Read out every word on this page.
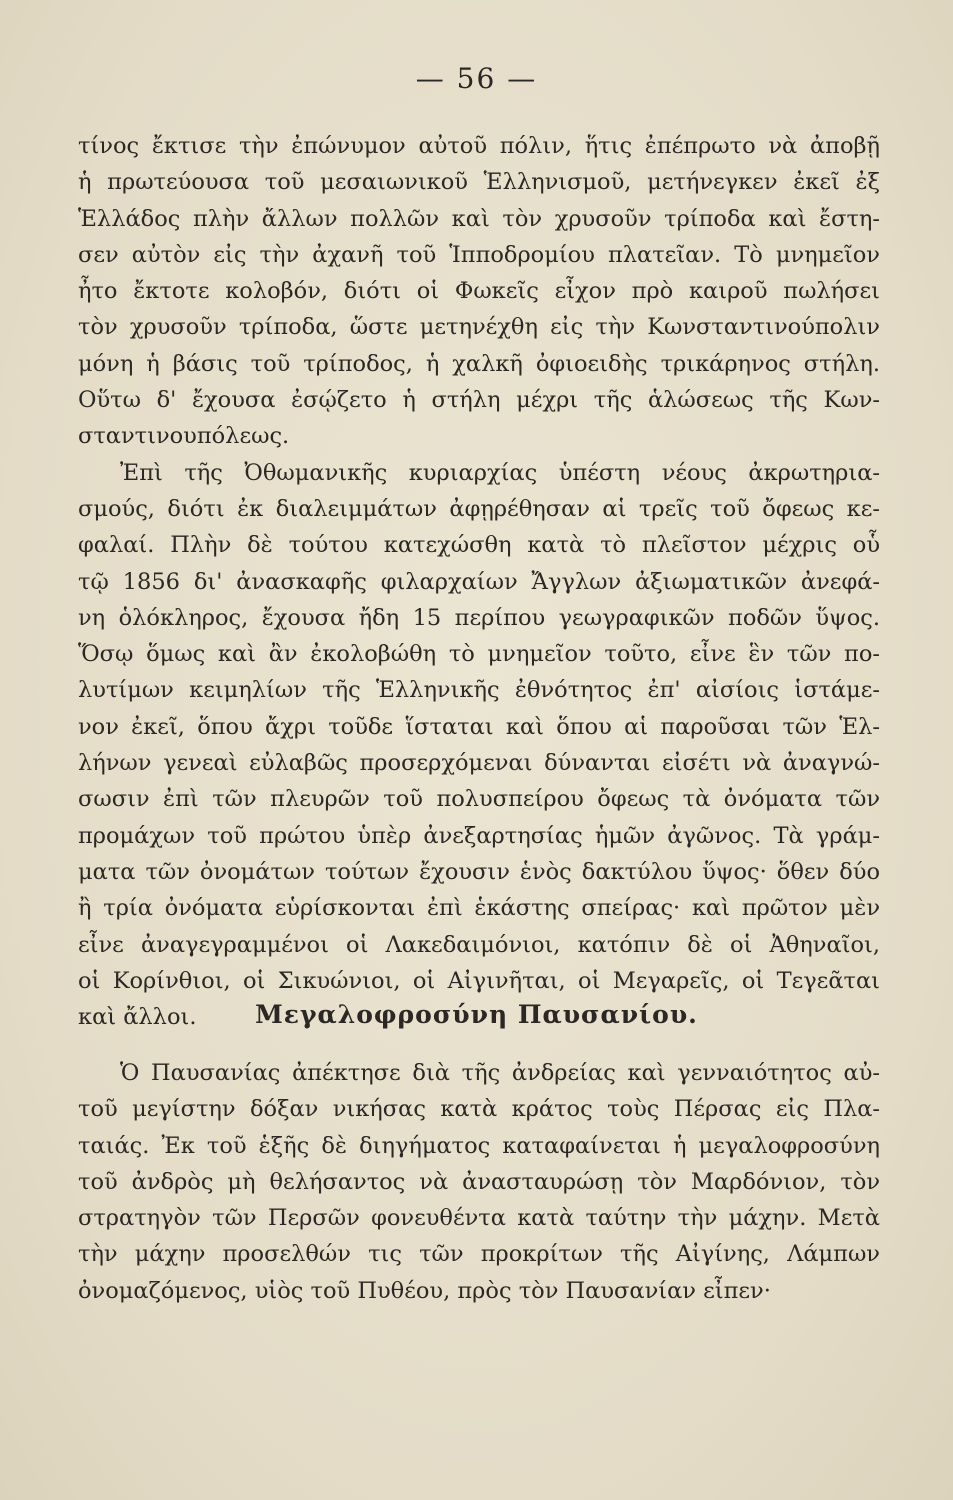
— 56 —
τίνος ἔκτισε τὴν ἐπώνυμον αὐτοῦ πόλιν, ἥτις ἐπέπρωτο νὰ ἀποβῇ
ἡ πρωτεύουσα τοῦ μεσαιωνικοῦ Ἑλληνισμοῦ, μετήνεγκεν ἐκεῖ ἐξ
Ἑλλάδος πλὴν ἄλλων πολλῶν καὶ τὸν χρυσοῦν τρίποδα καὶ ἔστη-
σεν αὐτὸν εἰς τὴν ἀχανῆ τοῦ Ἱπποδρομίου πλατεῖαν. Τὸ μνημεῖον
ἦτο ἔκτοτε κολοβόν, διότι οἱ Φωκεῖς εἶχον πρὸ καιροῦ πωλήσει
τὸν χρυσοῦν τρίποδα, ὥστε μετηνέχθη εἰς τὴν Κωνσταντινούπολιν
μόνη ἡ βάσις τοῦ τρίποδος, ἡ χαλκῆ ὀφιοειδὴς τρικάρηνος στήλη.
Οὕτω δ' ἔχουσα ἐσῴζετο ἡ στήλη μέχρι τῆς ἁλώσεως τῆς Κων-
σταντινουπόλεως.
Ἐπὶ τῆς Ὀθωμανικῆς κυριαρχίας ὑπέστη νέους ἀκρωτηρια-
σμούς, διότι ἐκ διαλειμμάτων ἀφῃρέθησαν αἱ τρεῖς τοῦ ὄφεως κε-
φαλαί. Πλὴν δὲ τούτου κατεχώσθη κατὰ τὸ πλεῖστον μέχρις οὗ
τῷ 1856 δι' ἀνασκαφῆς φιλαρχαίων Ἄγγλων ἀξιωματικῶν ἀνεφά-
νη ὁλόκληρος, ἔχουσα ἤδη 15 περίπου γεωγραφικῶν ποδῶν ὕψος.
Ὅσῳ ὅμως καὶ ἂν ἐκολοβώθη τὸ μνημεῖον τοῦτο, εἶνε ἓν τῶν πο-
λυτίμων κειμηλίων τῆς Ἑλληνικῆς ἐθνότητος ἐπ' αἰσίοις ἱστάμε-
νον ἐκεῖ, ὅπου ἄχρι τοῦδε ἵσταται καὶ ὅπου αἱ παροῦσαι τῶν Ἑλ-
λήνων γενεαὶ εὐλαβῶς προσερχόμεναι δύνανται εἰσέτι νὰ ἀναγνώ-
σωσιν ἐπὶ τῶν πλευρῶν τοῦ πολυσπείρου ὄφεως τὰ ὀνόματα τῶν
προμάχων τοῦ πρώτου ὑπὲρ ἀνεξαρτησίας ἡμῶν ἀγῶνος. Τὰ γράμ-
ματα τῶν ὀνομάτων τούτων ἔχουσιν ἑνὸς δακτύλου ὕψος· ὅθεν δύο
ἢ τρία ὀνόματα εὑρίσκονται ἐπὶ ἑκάστης σπείρας· καὶ πρῶτον μὲν
εἶνε ἀναγεγραμμένοι οἱ Λακεδαιμόνιοι, κατόπιν δὲ οἱ Ἀθηναῖοι,
οἱ Κορίνθιοι, οἱ Σικυώνιοι, οἱ Αἰγινῆται, οἱ Μεγαρεῖς, οἱ Τεγεᾶται
καὶ ἄλλοι.	Μεγαλοφροσύνη Παυσανίου.
Ὁ Παυσανίας ἀπέκτησε διὰ τῆς ἀνδρείας καὶ γενναιότητος αὐ-
τοῦ μεγίστην δόξαν νικήσας κατὰ κράτος τοὺς Πέρσας εἰς Πλα-
ταιάς. Ἐκ τοῦ ἑξῆς δὲ διηγήματος καταφαίνεται ἡ μεγαλοφροσύνη
τοῦ ἀνδρὸς μὴ θελήσαντος νὰ ἀνασταυρώσῃ τὸν Μαρδόνιον, τὸν
στρατηγὸν τῶν Περσῶν φονευθέντα κατὰ ταύτην τὴν μάχην. Μετὰ
τὴν μάχην προσελθών τις τῶν προκρίτων τῆς Αἰγίνης, Λάμπων
ὀνομαζόμενος, υἱὸς τοῦ Πυθέου, πρὸς τὸν Παυσανίαν εἶπεν·
